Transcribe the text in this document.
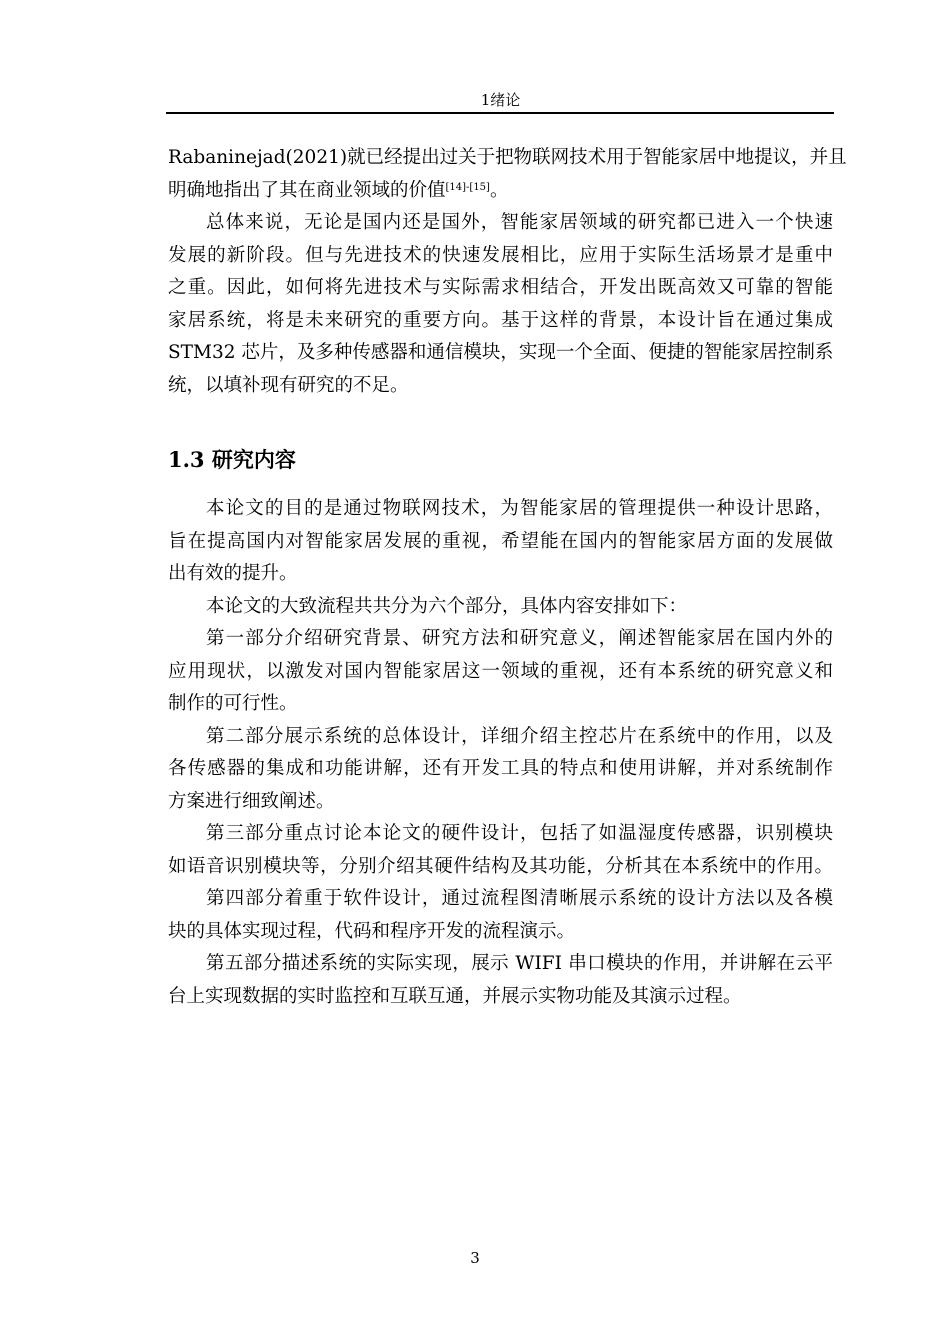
1绪论
Rabaninejad(2021)就已经提出过关于把物联网技术用于智能家居中地提议，并且
明确地指出了其在商业领域的价值[14]-[15]。
总体来说，无论是国内还是国外，智能家居领域的研究都已进入一个快速
发展的新阶段。但与先进技术的快速发展相比，应用于实际生活场景才是重中
之重。因此，如何将先进技术与实际需求相结合，开发出既高效又可靠的智能
家居系统，将是未来研究的重要方向。基于这样的背景，本设计旨在通过集成
STM32 芯片，及多种传感器和通信模块，实现一个全面、便捷的智能家居控制系
统，以填补现有研究的不足。
1.3 研究内容
本论文的目的是通过物联网技术，为智能家居的管理提供一种设计思路，
旨在提高国内对智能家居发展的重视，希望能在国内的智能家居方面的发展做
出有效的提升。
本论文的大致流程共共分为六个部分，具体内容安排如下：
第一部分介绍研究背景、研究方法和研究意义，阐述智能家居在国内外的
应用现状，以激发对国内智能家居这一领域的重视，还有本系统的研究意义和
制作的可行性。
第二部分展示系统的总体设计，详细介绍主控芯片在系统中的作用，以及
各传感器的集成和功能讲解，还有开发工具的特点和使用讲解，并对系统制作
方案进行细致阐述。
第三部分重点讨论本论文的硬件设计，包括了如温湿度传感器，识别模块
如语音识别模块等，分别介绍其硬件结构及其功能，分析其在本系统中的作用。
第四部分着重于软件设计，通过流程图清晰展示系统的设计方法以及各模
块的具体实现过程，代码和程序开发的流程演示。
第五部分描述系统的实际实现，展示 WIFI 串口模块的作用，并讲解在云平
台上实现数据的实时监控和互联互通，并展示实物功能及其演示过程。
3
